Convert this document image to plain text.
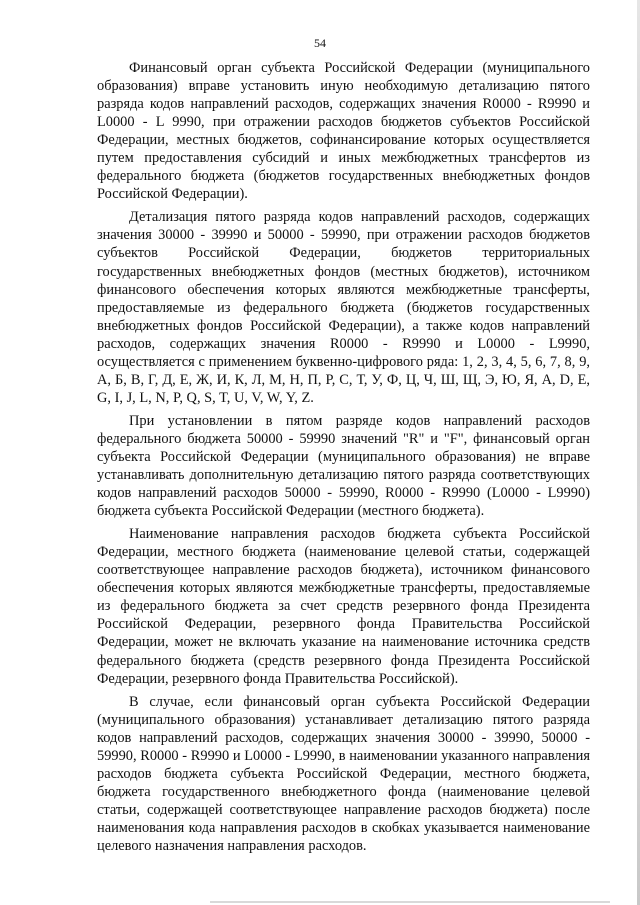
54

Финансовый орган субъекта Российской Федерации (муниципального образования) вправе установить иную необходимую детализацию пятого разряда кодов направлений расходов, содержащих значения R0000 - R9990 и L0000 - L 9990, при отражении расходов бюджетов субъектов Российской Федерации, местных бюджетов, софинансирование которых осуществляется путем предоставления субсидий и иных межбюджетных трансфертов из федерального бюджета (бюджетов государственных внебюджетных фондов Российской Федерации).

Детализация пятого разряда кодов направлений расходов, содержащих значения 30000 - 39990 и 50000 - 59990, при отражении расходов бюджетов субъектов Российской Федерации, бюджетов территориальных государственных внебюджетных фондов (местных бюджетов), источником финансового обеспечения которых являются межбюджетные трансферты, предоставляемые из федерального бюджета (бюджетов государственных внебюджетных фондов Российской Федерации), а также кодов направлений расходов, содержащих значения R0000 - R9990 и L0000 - L9990, осуществляется с применением буквенно-цифрового ряда: 1, 2, 3, 4, 5, 6, 7, 8, 9, А, Б, В, Г, Д, Е, Ж, И, К, Л, М, Н, П, Р, С, Т, У, Ф, Ц, Ч, Ш, Щ, Э, Ю, Я, A, D, E, G, I, J, L, N, P, Q, S, T, U, V, W, Y, Z.

При установлении в пятом разряде кодов направлений расходов федерального бюджета 50000 - 59990 значений "R" и "F", финансовый орган субъекта Российской Федерации (муниципального образования) не вправе устанавливать дополнительную детализацию пятого разряда соответствующих кодов направлений расходов 50000 - 59990, R0000 - R9990 (L0000 - L9990) бюджета субъекта Российской Федерации (местного бюджета).

Наименование направления расходов бюджета субъекта Российской Федерации, местного бюджета (наименование целевой статьи, содержащей соответствующее направление расходов бюджета), источником финансового обеспечения которых являются межбюджетные трансферты, предоставляемые из федерального бюджета за счет средств резервного фонда Президента Российской Федерации, резервного фонда Правительства Российской Федерации, может не включать указание на наименование источника средств федерального бюджета (средств резервного фонда Президента Российской Федерации, резервного фонда Правительства Российской).

В случае, если финансовый орган субъекта Российской Федерации (муниципального образования) устанавливает детализацию пятого разряда кодов направлений расходов, содержащих значения 30000 - 39990, 50000 - 59990, R0000 - R9990 и L0000 - L9990, в наименовании указанного направления расходов бюджета субъекта Российской Федерации, местного бюджета, бюджета государственного внебюджетного фонда (наименование целевой статьи, содержащей соответствующее направление расходов бюджета) после наименования кода направления расходов в скобках указывается наименование целевого назначения направления расходов.
